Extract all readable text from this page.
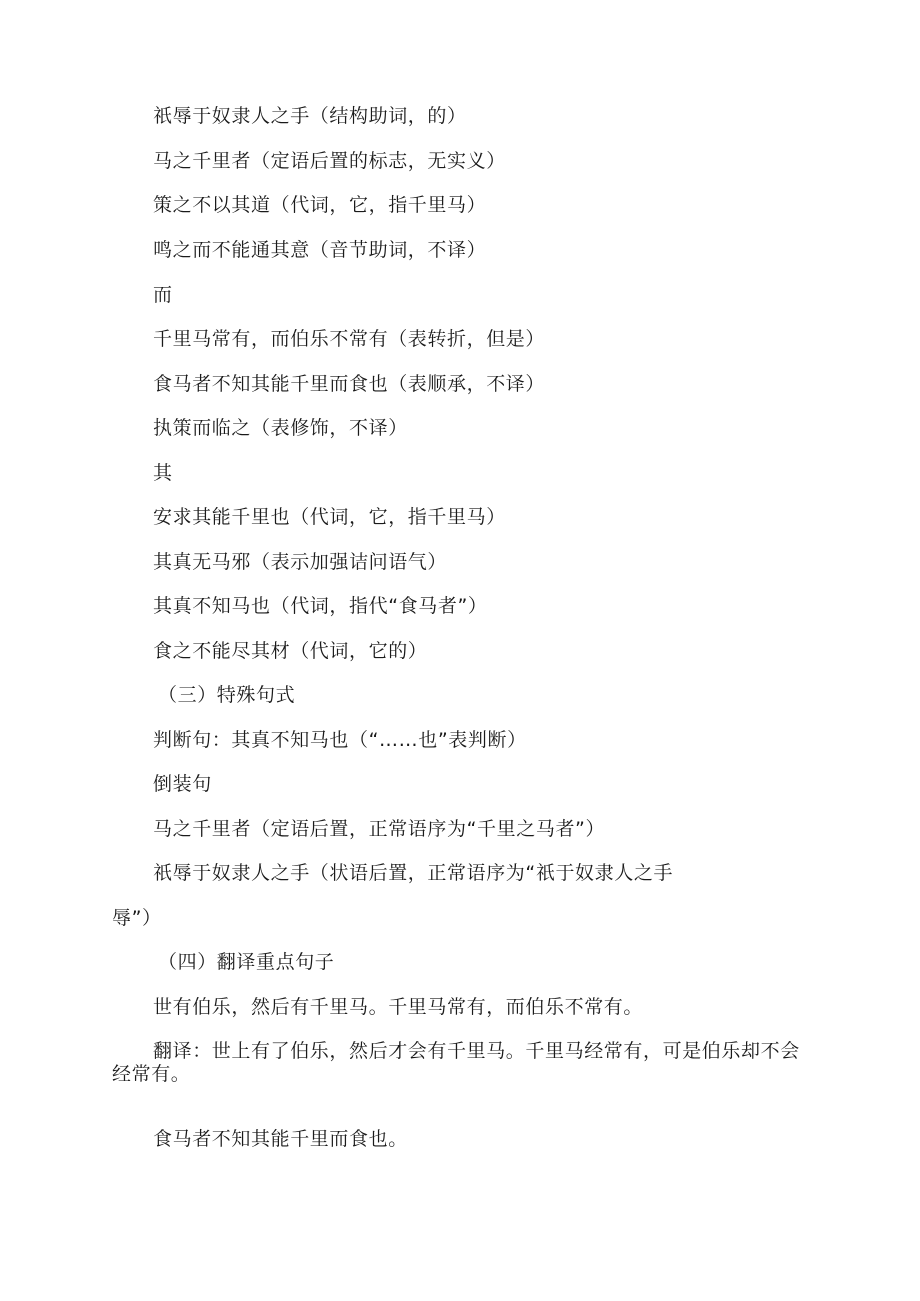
祇辱于奴隶人之手（结构助词，的）
马之千里者（定语后置的标志，无实义）
策之不以其道（代词，它，指千里马）
鸣之而不能通其意（音节助词，不译）
而
千里马常有，而伯乐不常有（表转折，但是）
食马者不知其能千里而食也（表顺承，不译）
执策而临之（表修饰，不译）
其
安求其能千里也（代词，它，指千里马）
其真无马邪（表示加强诘问语气）
其真不知马也（代词，指代“食马者”）
食之不能尽其材（代词，它的）
（三）特殊句式
判断句：其真不知马也（“……也”表判断）
倒装句
马之千里者（定语后置，正常语序为“千里之马者”）
祇辱于奴隶人之手（状语后置，正常语序为“祇于奴隶人之手
辱”）
（四）翻译重点句子
世有伯乐，然后有千里马。千里马常有，而伯乐不常有。
翻译：世上有了伯乐，然后才会有千里马。千里马经常有，可是伯乐却不会经常有。
食马者不知其能千里而食也。
